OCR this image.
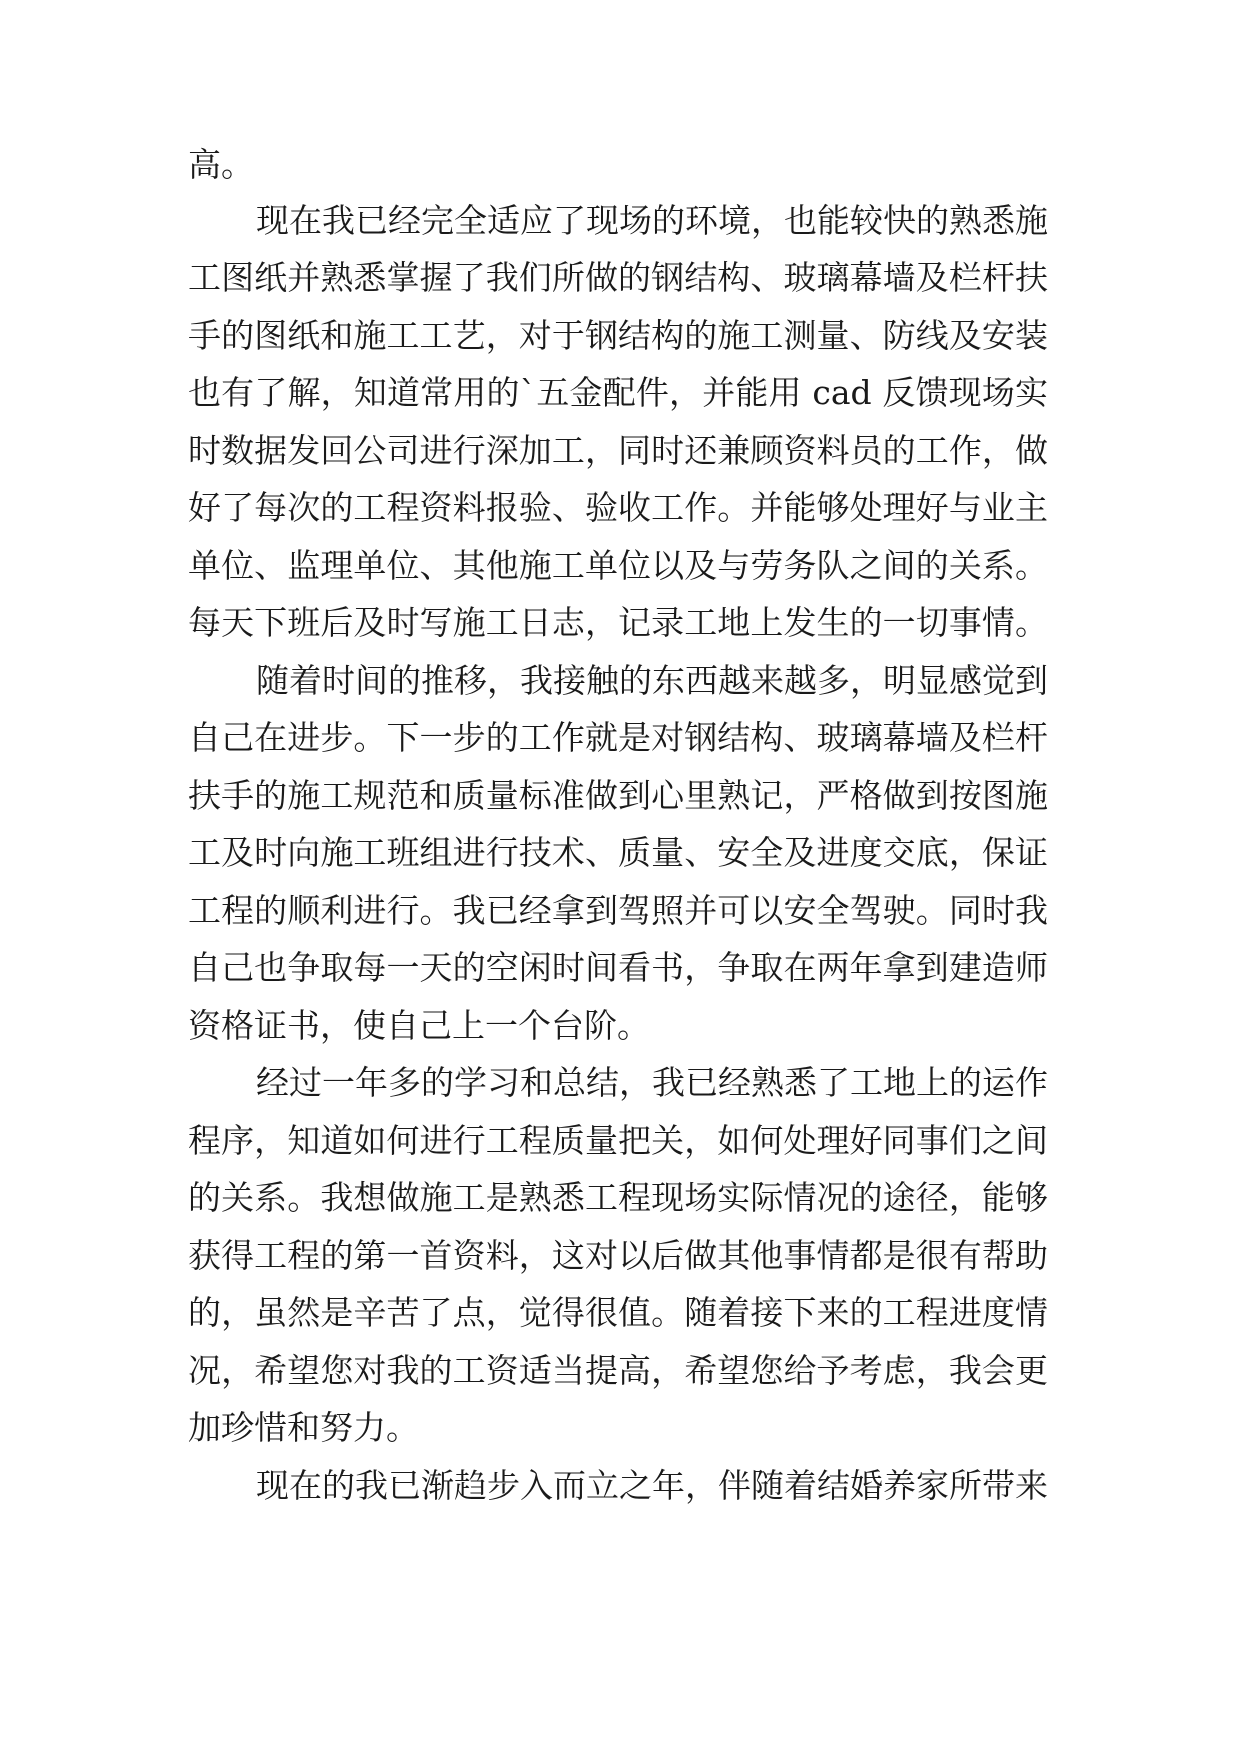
高。
现在我已经完全适应了现场的环境，也能较快的熟悉施
工图纸并熟悉掌握了我们所做的钢结构、玻璃幕墙及栏杆扶
手的图纸和施工工艺，对于钢结构的施工测量、防线及安装
也有了解，知道常用的`五金配件，并能用 cad 反馈现场实
时数据发回公司进行深加工，同时还兼顾资料员的工作，做
好了每次的工程资料报验、验收工作。并能够处理好与业主
单位、监理单位、其他施工单位以及与劳务队之间的关系。
每天下班后及时写施工日志，记录工地上发生的一切事情。
随着时间的推移，我接触的东西越来越多，明显感觉到
自己在进步。下一步的工作就是对钢结构、玻璃幕墙及栏杆
扶手的施工规范和质量标准做到心里熟记，严格做到按图施
工及时向施工班组进行技术、质量、安全及进度交底，保证
工程的顺利进行。我已经拿到驾照并可以安全驾驶。同时我
自己也争取每一天的空闲时间看书，争取在两年拿到建造师
资格证书，使自己上一个台阶。
经过一年多的学习和总结，我已经熟悉了工地上的运作
程序，知道如何进行工程质量把关，如何处理好同事们之间
的关系。我想做施工是熟悉工程现场实际情况的途径，能够
获得工程的第一首资料，这对以后做其他事情都是很有帮助
的，虽然是辛苦了点，觉得很值。随着接下来的工程进度情
况，希望您对我的工资适当提高，希望您给予考虑，我会更
加珍惜和努力。
现在的我已渐趋步入而立之年，伴随着结婚养家所带来
